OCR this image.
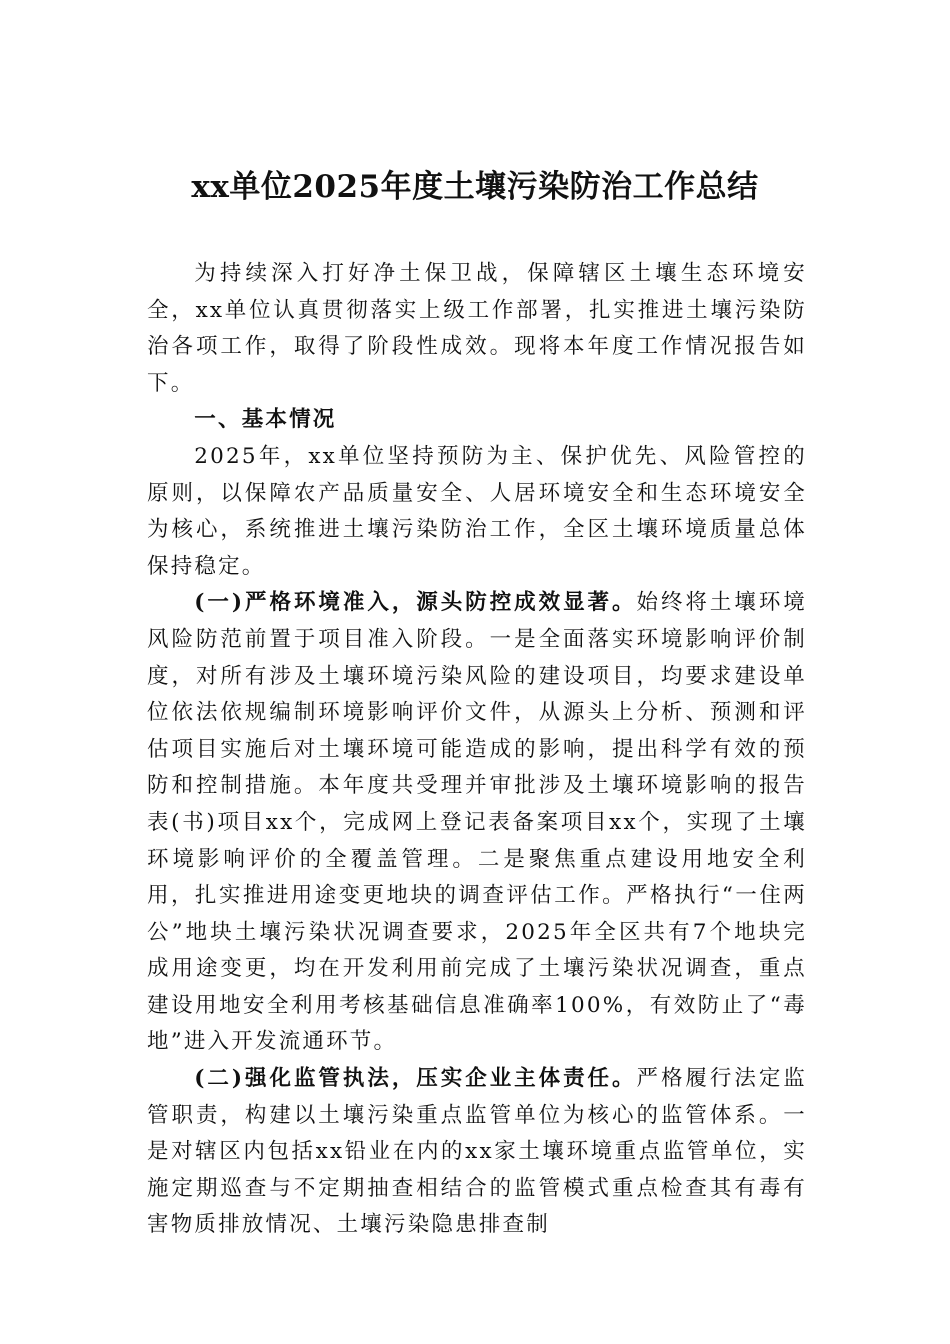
xx单位2025年度土壤污染防治工作总结

为持续深入打好净土保卫战，保障辖区土壤生态环境安全，xx单位认真贯彻落实上级工作部署，扎实推进土壤污染防治各项工作，取得了阶段性成效。现将本年度工作情况报告如下。

一、基本情况

2025年，xx单位坚持预防为主、保护优先、风险管控的原则，以保障农产品质量安全、人居环境安全和生态环境安全为核心，系统推进土壤污染防治工作，全区土壤环境质量总体保持稳定。

(一)严格环境准入，源头防控成效显著。始终将土壤环境风险防范前置于项目准入阶段。一是全面落实环境影响评价制度，对所有涉及土壤环境污染风险的建设项目，均要求建设单位依法依规编制环境影响评价文件，从源头上分析、预测和评估项目实施后对土壤环境可能造成的影响，提出科学有效的预防和控制措施。本年度共受理并审批涉及土壤环境影响的报告表(书)项目xx个，完成网上登记表备案项目xx个，实现了土壤环境影响评价的全覆盖管理。二是聚焦重点建设用地安全利用，扎实推进用途变更地块的调查评估工作。严格执行“一住两公”地块土壤污染状况调查要求，2025年全区共有7个地块完成用途变更，均在开发利用前完成了土壤污染状况调查，重点建设用地安全利用考核基础信息准确率100%，有效防止了“毒地”进入开发流通环节。

(二)强化监管执法，压实企业主体责任。严格履行法定监管职责，构建以土壤污染重点监管单位为核心的监管体系。一是对辖区内包括xx铅业在内的xx家土壤环境重点监管单位，实施定期巡查与不定期抽查相结合的监管模式重点检查其有毒有害物质排放情况、土壤污染隐患排查制
